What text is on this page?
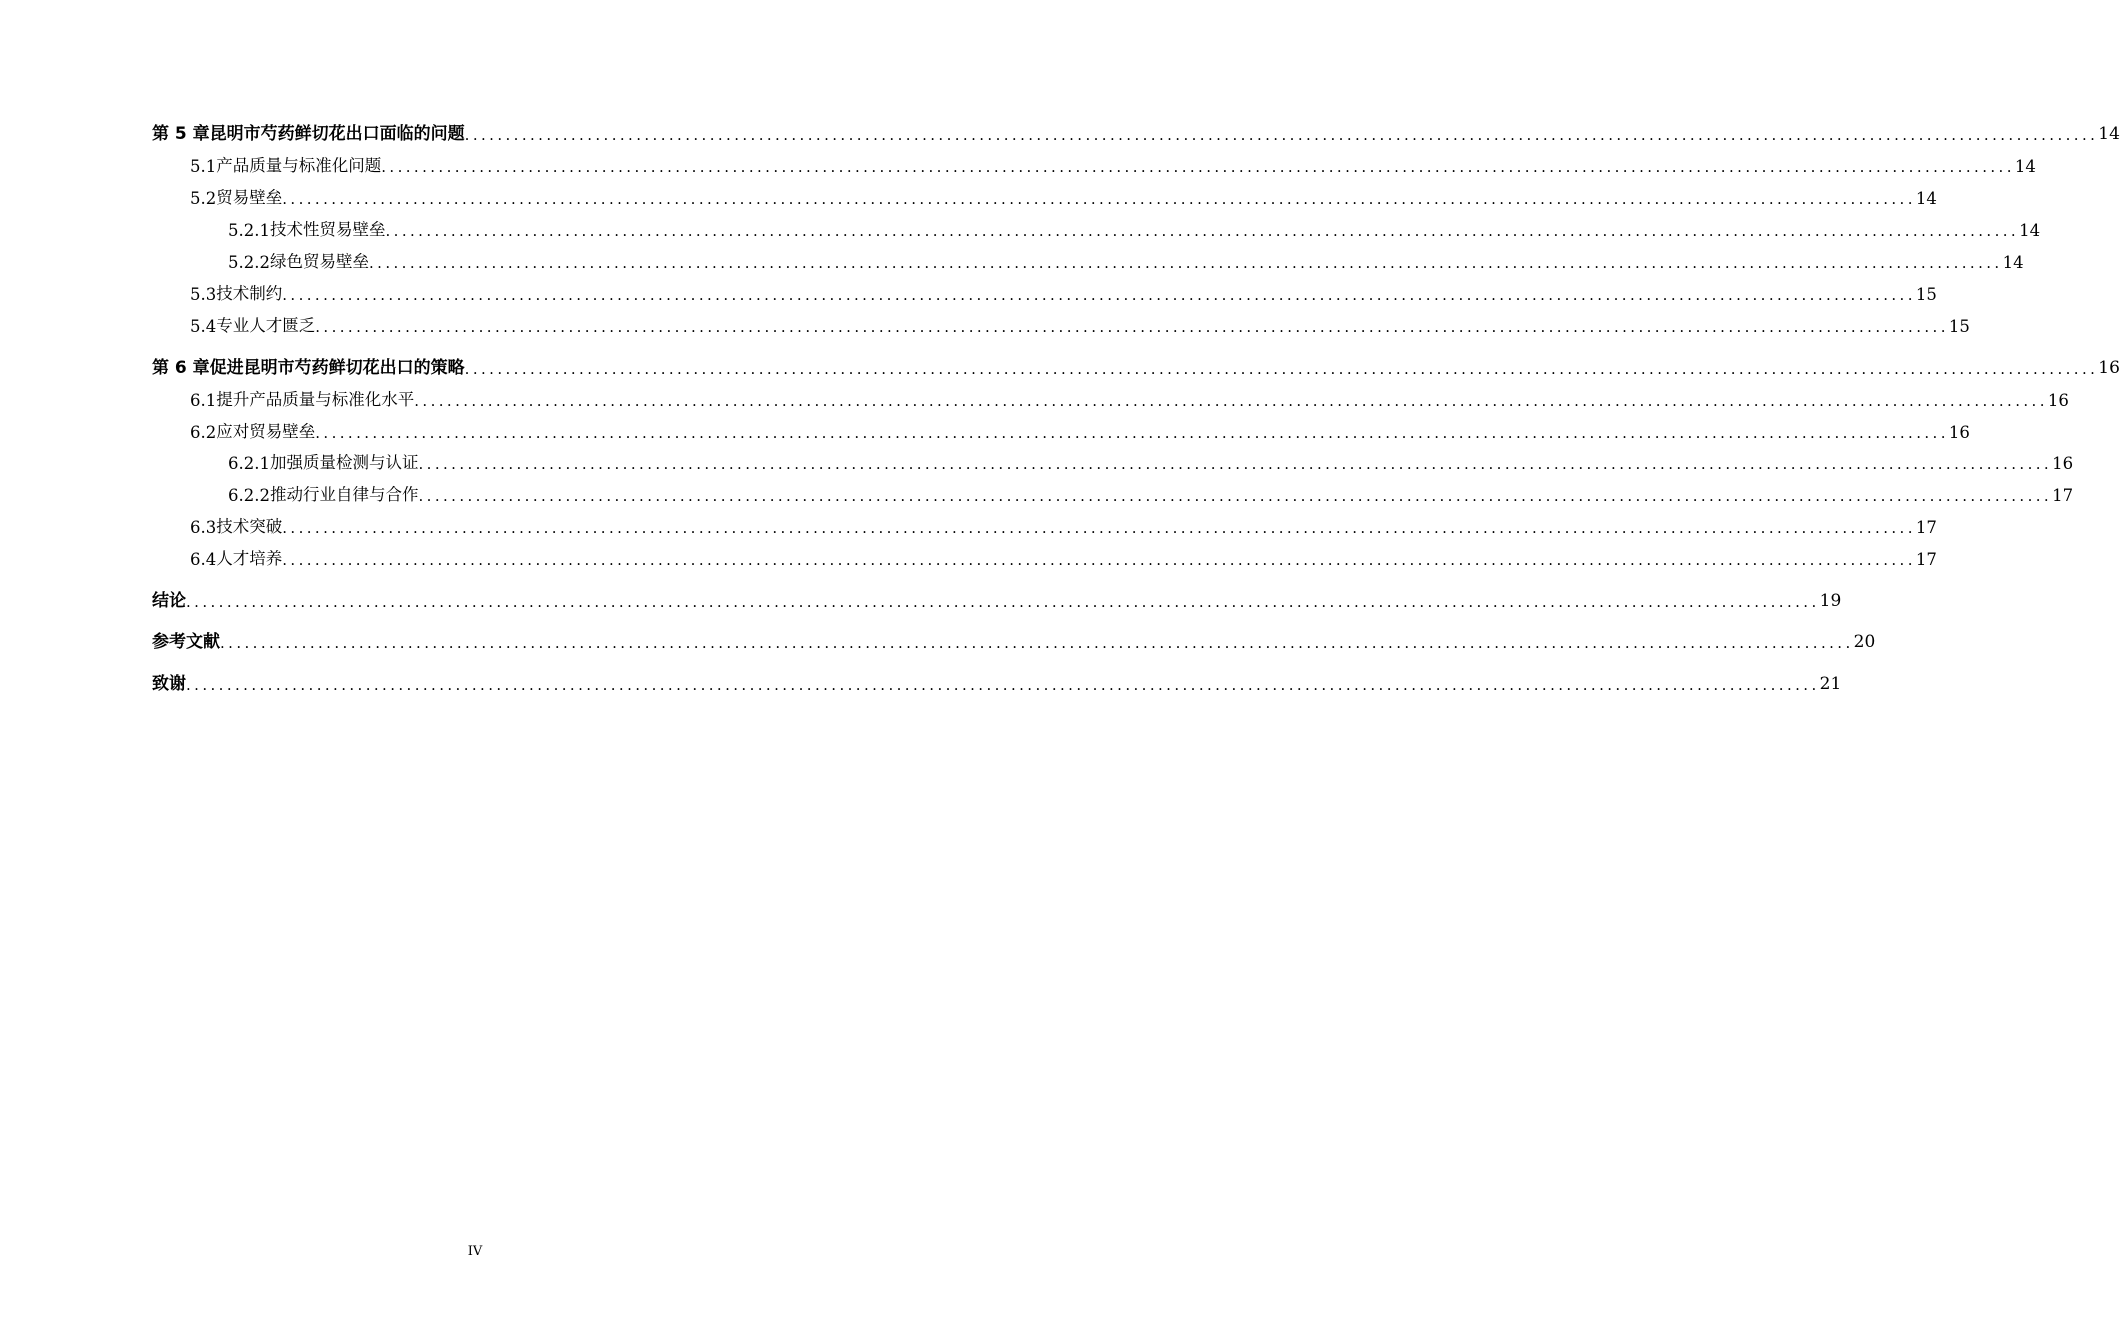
第 5 章 昆明市芍药鲜切花出口面临的问题 ........................................................................................................................................................................................................ 14
5.1 产品质量与标准化问题 ........................................................................................................................................................................................................ 14
5.2 贸易壁垒 ........................................................................................................................................................................................................ 14
5.2.1 技术性贸易壁垒 ........................................................................................................................................................................................................ 14
5.2.2 绿色贸易壁垒 ........................................................................................................................................................................................................ 14
5.3 技术制约 ........................................................................................................................................................................................................ 15
5.4 专业人才匮乏 ........................................................................................................................................................................................................ 15
第 6 章 促进昆明市芍药鲜切花出口的策略 ........................................................................................................................................................................................................ 16
6.1 提升产品质量与标准化水平 ........................................................................................................................................................................................................ 16
6.2 应对贸易壁垒 ........................................................................................................................................................................................................ 16
6.2.1 加强质量检测与认证 ........................................................................................................................................................................................................ 16
6.2.2 推动行业自律与合作 ........................................................................................................................................................................................................ 17
6.3 技术突破 ........................................................................................................................................................................................................ 17
6.4 人才培养 ........................................................................................................................................................................................................ 17
结论 ........................................................................................................................................................................................................ 19
参考文献 ........................................................................................................................................................................................................ 20
致谢 ........................................................................................................................................................................................................ 21
IV
